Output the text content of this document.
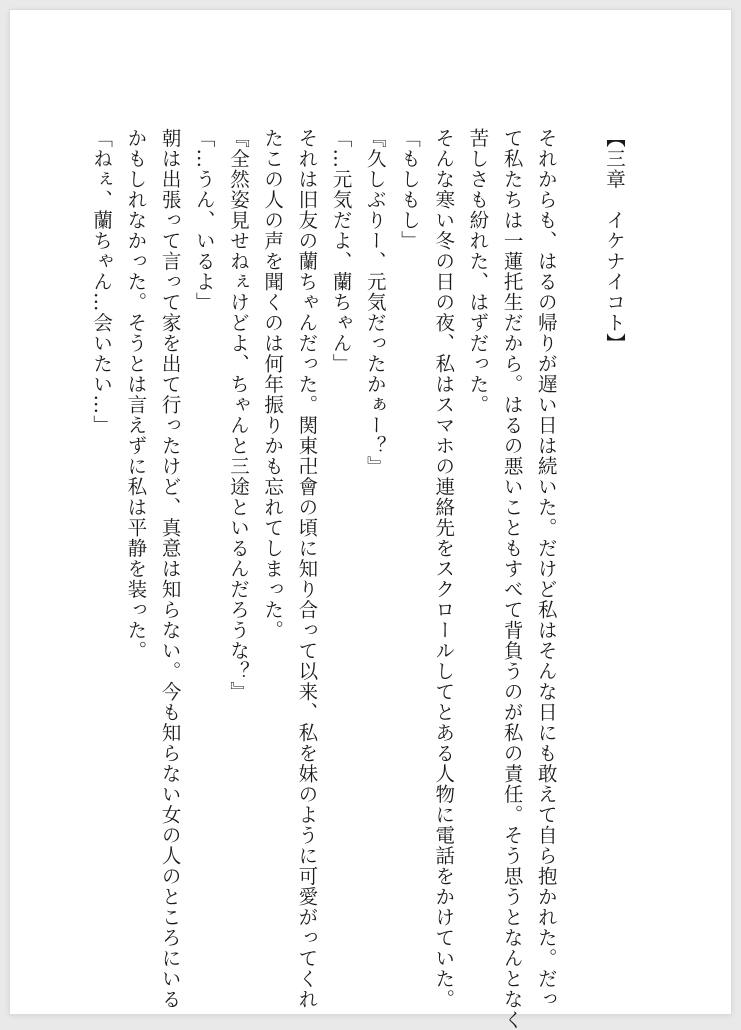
【三章　イケナイコト】
それからも、はるの帰りが遅い日は続いた。だけど私はそんな日にも敢えて自ら抱かれた。だっ
て私たちは一蓮托生だから。はるの悪いこともすべて背負うのが私の責任。そう思うとなんとなく
苦しさも紛れた、はずだった。
そんな寒い冬の日の夜、私はスマホの連絡先をスクロールしてとある人物に電話をかけていた。
「もしもし」
『久しぶりー、元気だったかぁー？』
「…元気だよ、蘭ちゃん」
それは旧友の蘭ちゃんだった。関東卍會の頃に知り合って以来、私を妹のように可愛がってくれ
たこの人の声を聞くのは何年振りかも忘れてしまった。
『全然姿見せねぇけどよ、ちゃんと三途といるんだろうな？』
「…うん、いるよ」
朝は出張って言って家を出て行ったけど、真意は知らない。今も知らない女の人のところにいる
かもしれなかった。そうとは言えずに私は平静を装った。
「ねぇ、蘭ちゃん…会いたい…」
